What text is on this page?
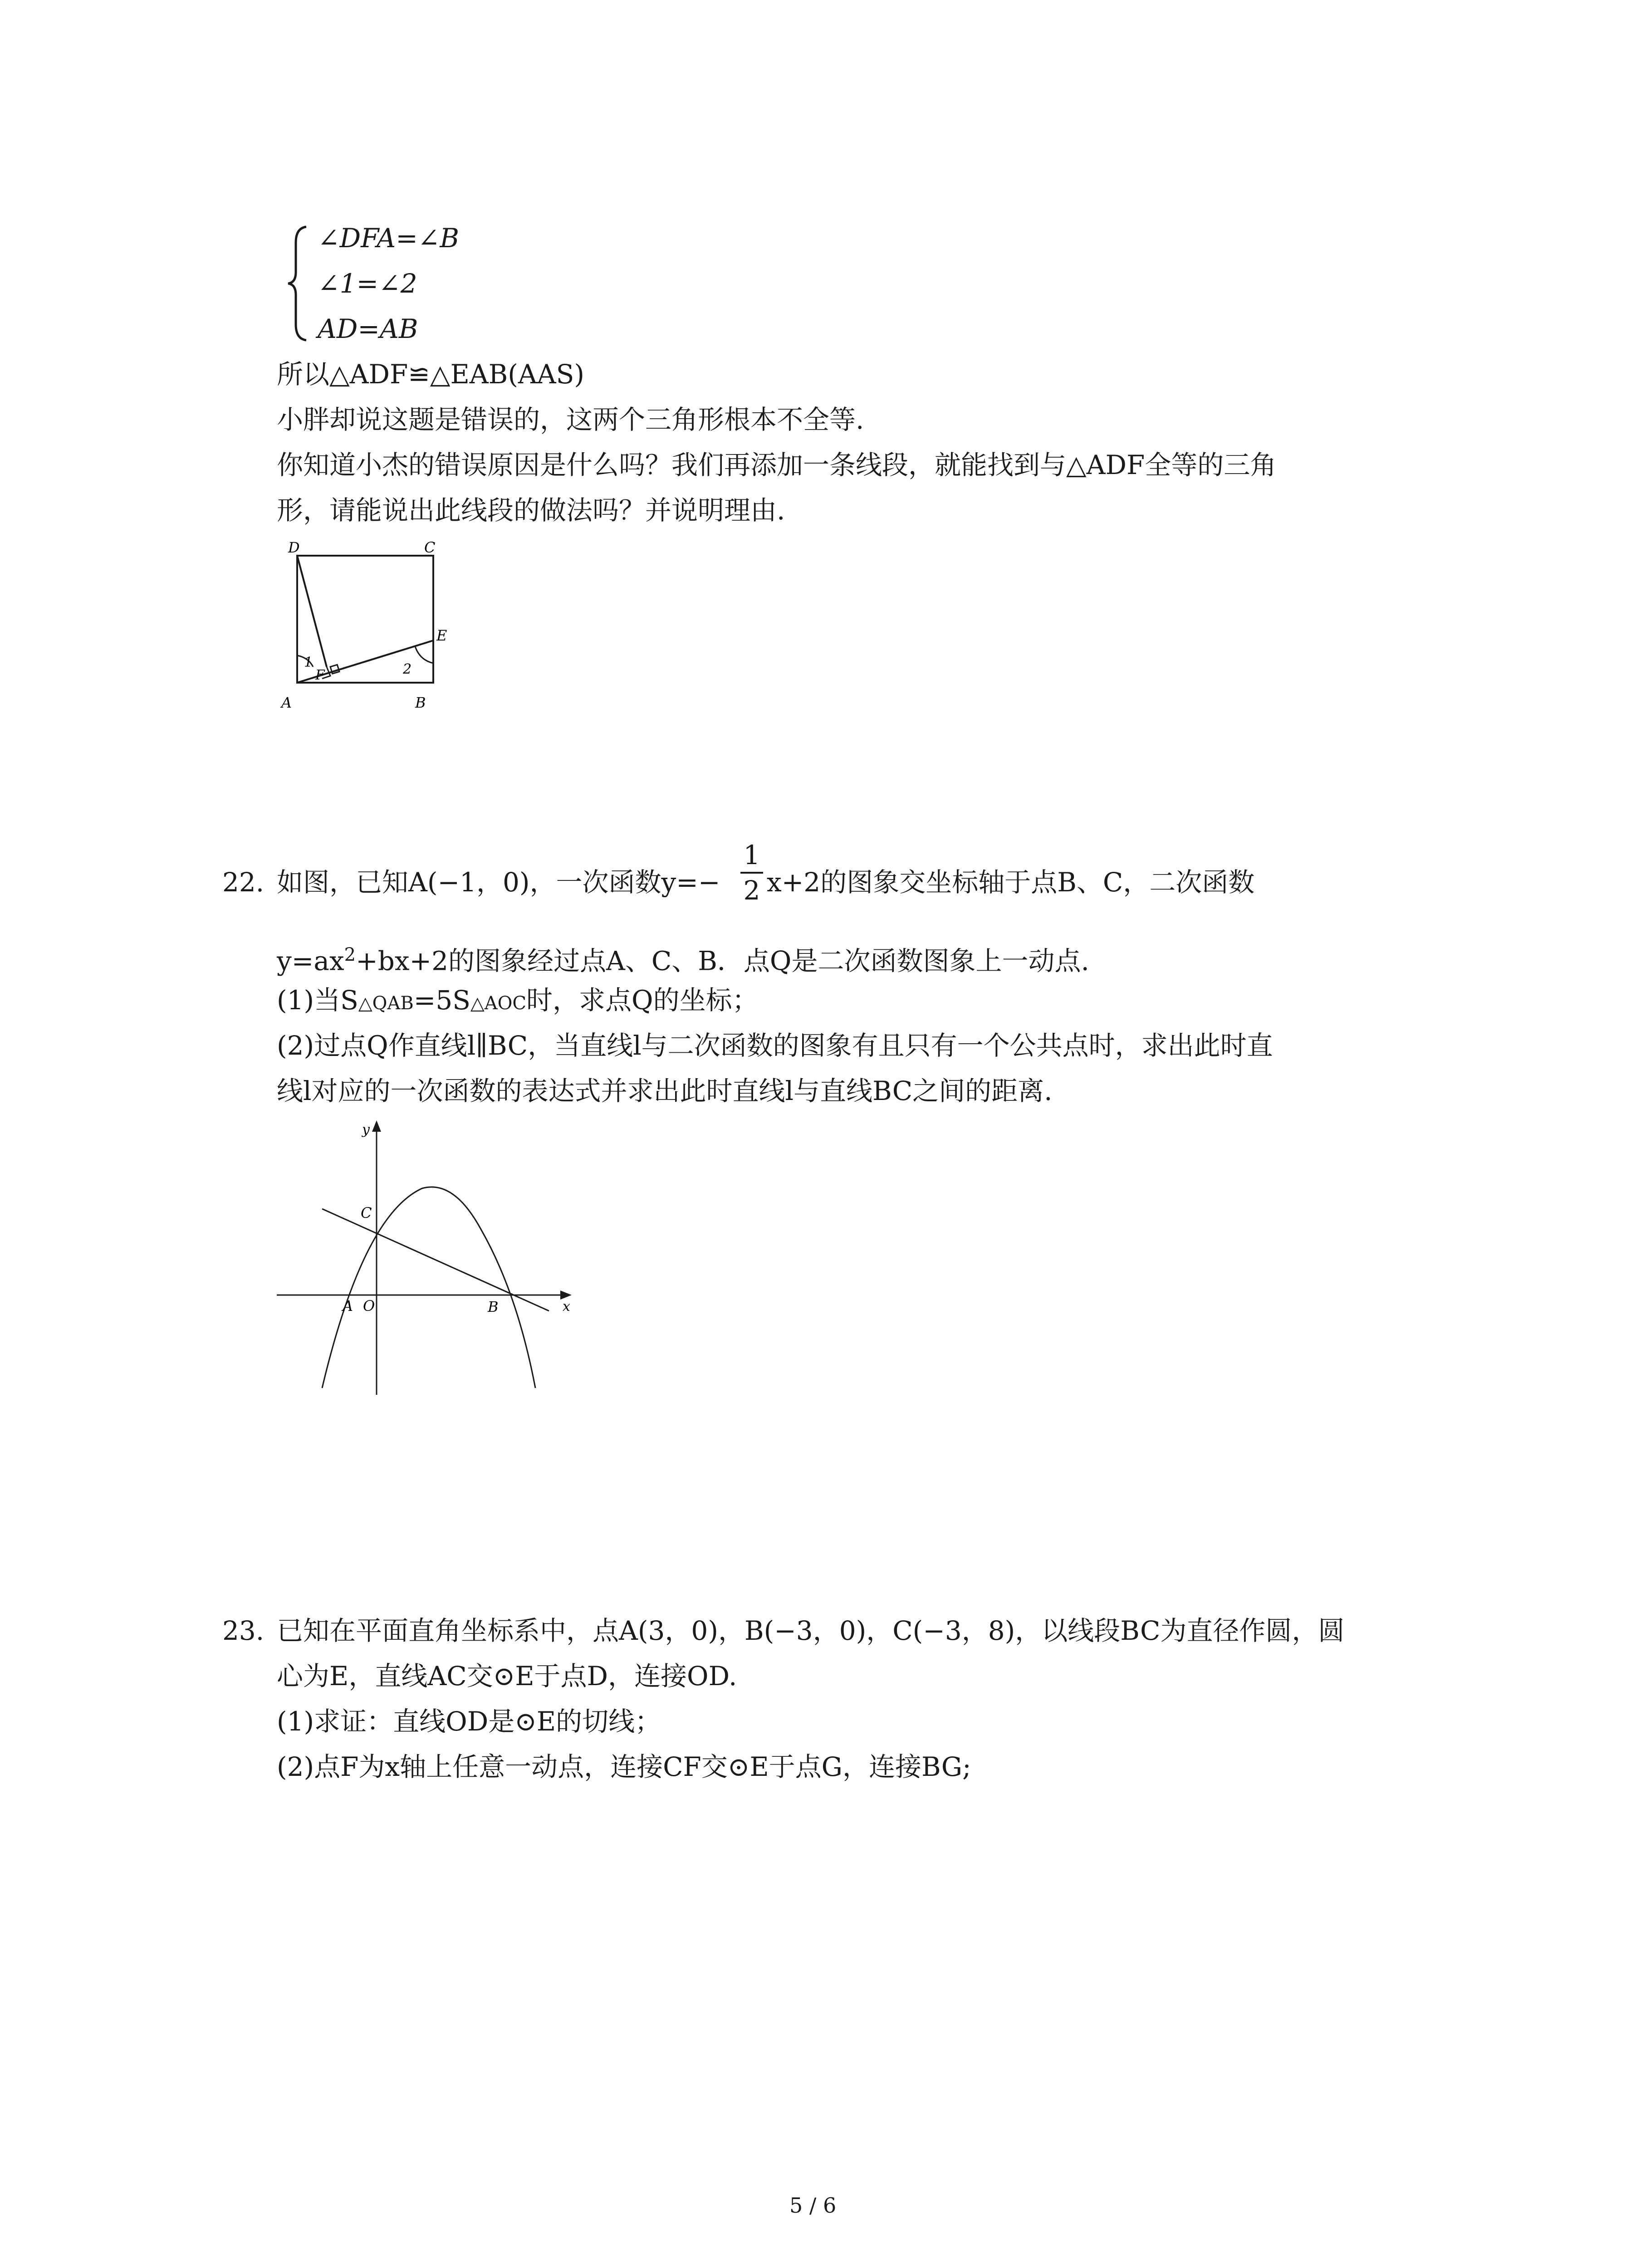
∠DFA=∠B
∠1=∠2
AD=AB
所以△ADF≌△EAB(AAS)
小胖却说这题是错误的，这两个三角形根本不全等.
你知道小杰的错误原因是什么吗？我们再添加一条线段，就能找到与△ADF全等的三角
形，请能说出此线段的做法吗？并说明理由.
D	C
E
1
F	2
A	B
22. 如图，已知A(−1，0)，一次函数y=−
1
2 x+2的图象交坐标轴于点B、C，二次函数
$y=ax^2+bx+2$的图象经过点A、C、B．点Q是二次函数图象上一动点.
(1)当S△QAB=5S△AOC时，求点Q的坐标；
(2)过点Q作直线l∥BC，当直线l与二次函数的图象有且只有一个公共点时，求出此时直
线l对应的一次函数的表达式并求出此时直线l与直线BC之间的距离.
y
C
A O	B	x
23. 已知在平面直角坐标系中，点A(3，0)，B(−3，0)，C(−3，8)，以线段BC为直径作圆，圆
心为E，直线AC交⊙E于点D，连接OD.
(1)求证：直线OD是⊙E的切线；
(2)点F为x轴上任意一动点，连接CF交⊙E于点G，连接BG;
5 / 6
